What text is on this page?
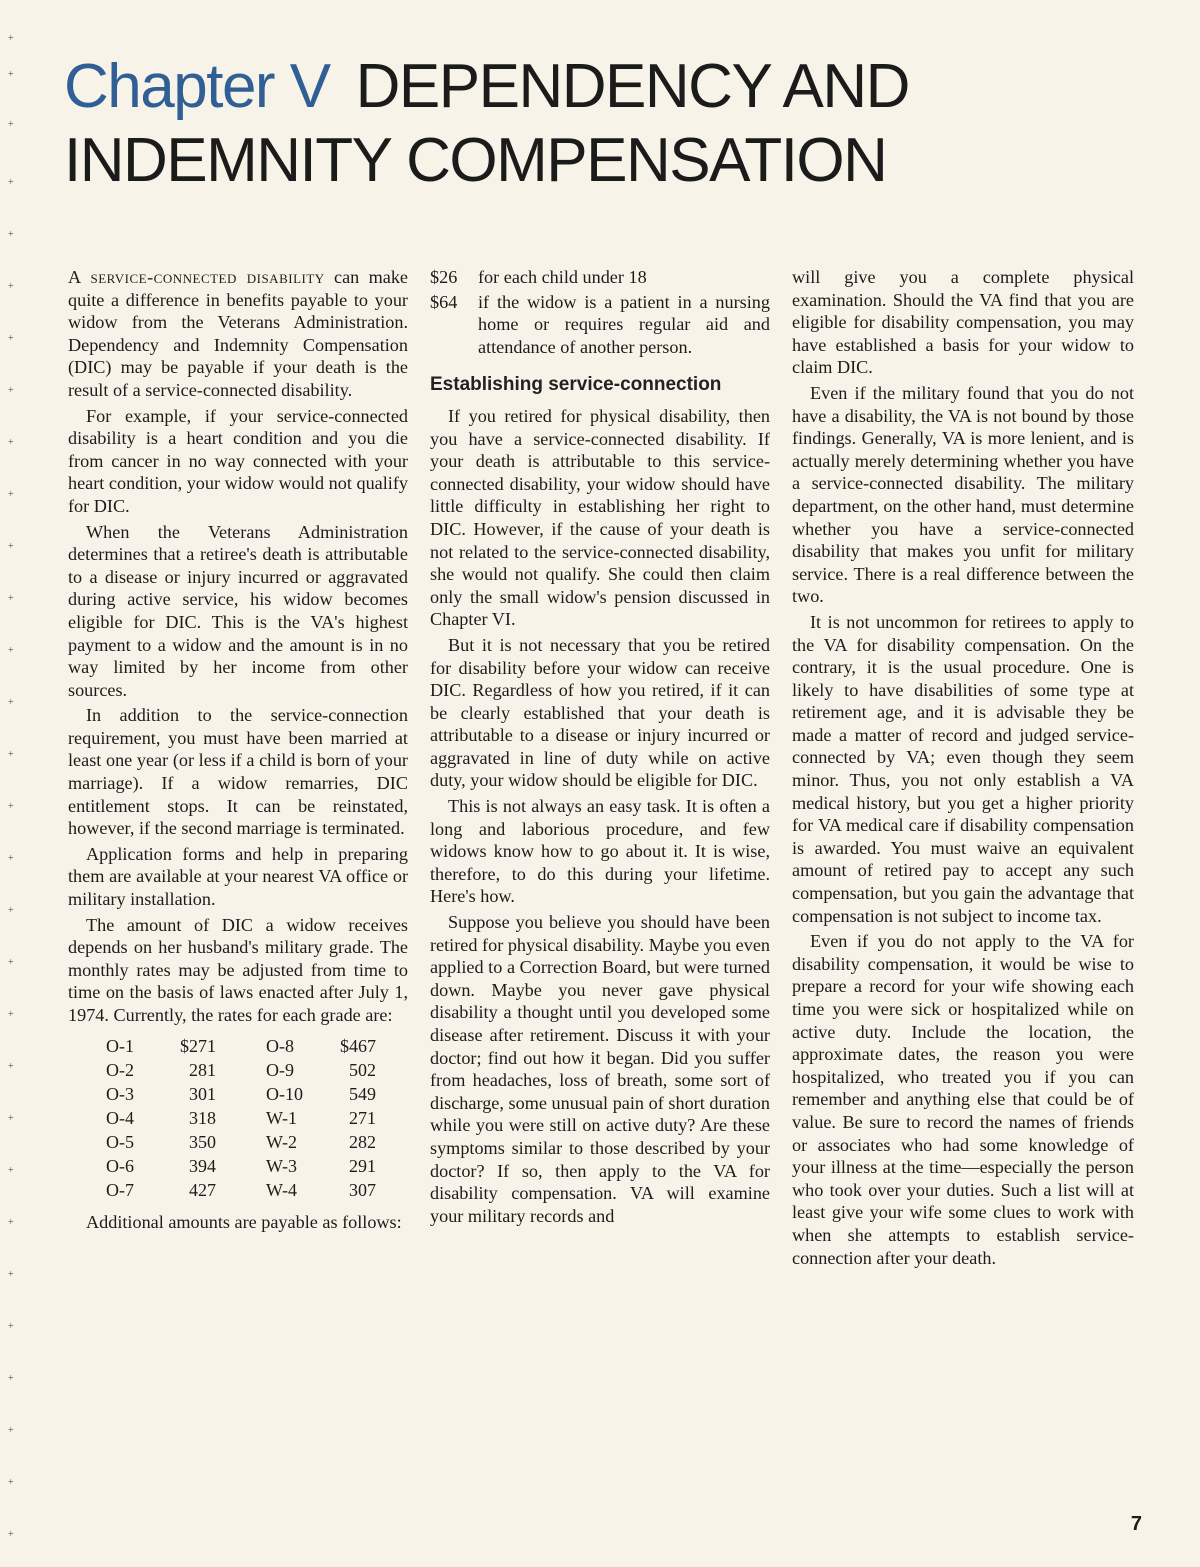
+
+
+
+
+
+
+
+
+
+
+
+
+
+
+
+
+
+
+
+
+
+
+
+
+
+
+
+
+
+
Chapter V DEPENDENCY AND
INDEMNITY COMPENSATION

A service-connected disability can make quite a difference in benefits payable to your widow from the Veterans Administration. Dependency and Indemnity Compensation (DIC) may be payable if your death is the result of a service-connected disability.

For example, if your service-connected disability is a heart condition and you die from cancer in no way connected with your heart condition, your widow would not qualify for DIC.

When the Veterans Administration determines that a retiree's death is attributable to a disease or injury incurred or aggravated during active service, his widow becomes eligible for DIC. This is the VA's highest payment to a widow and the amount is in no way limited by her income from other sources.

In addition to the service-connection requirement, you must have been married at least one year (or less if a child is born of your marriage). If a widow remarries, DIC entitlement stops. It can be reinstated, however, if the second marriage is terminated.

Application forms and help in preparing them are available at your nearest VA office or military installation.

The amount of DIC a widow receives depends on her husband's military grade. The monthly rates may be adjusted from time to time on the basis of laws enacted after July 1, 1974. Currently, the rates for each grade are:

O-1	$271	O-8	$467
O-2	281	O-9	502
O-3	301	O-10	549
O-4	318	W-1	271
O-5	350	W-2	282
O-6	394	W-3	291
O-7	427	W-4	307

Additional amounts are payable as follows:

$26	for each child under 18
$64	if the widow is a patient in a nursing home or requires regular aid and attendance of another person.
Establishing service-connection

If you retired for physical disability, then you have a service-connected disability. If your death is attributable to this service-connected disability, your widow should have little difficulty in establishing her right to DIC. However, if the cause of your death is not related to the service-connected disability, she would not qualify. She could then claim only the small widow's pension discussed in Chapter VI.

But it is not necessary that you be retired for disability before your widow can receive DIC. Regardless of how you retired, if it can be clearly established that your death is attributable to a disease or injury incurred or aggravated in line of duty while on active duty, your widow should be eligible for DIC.

This is not always an easy task. It is often a long and laborious procedure, and few widows know how to go about it. It is wise, therefore, to do this during your lifetime. Here's how.

Suppose you believe you should have been retired for physical disability. Maybe you even applied to a Correction Board, but were turned down. Maybe you never gave physical disability a thought until you developed some disease after retirement. Discuss it with your doctor; find out how it began. Did you suffer from headaches, loss of breath, some sort of discharge, some unusual pain of short duration while you were still on active duty? Are these symptoms similar to those described by your doctor? If so, then apply to the VA for disability compensation. VA will examine your military records and

will give you a complete physical examination. Should the VA find that you are eligible for disability compensation, you may have established a basis for your widow to claim DIC.

Even if the military found that you do not have a disability, the VA is not bound by those findings. Generally, VA is more lenient, and is actually merely determining whether you have a service-connected disability. The military department, on the other hand, must determine whether you have a service-connected disability that makes you unfit for military service. There is a real difference between the two.

It is not uncommon for retirees to apply to the VA for disability compensation. On the contrary, it is the usual procedure. One is likely to have disabilities of some type at retirement age, and it is advisable they be made a matter of record and judged service-connected by VA; even though they seem minor. Thus, you not only establish a VA medical history, but you get a higher priority for VA medical care if disability compensation is awarded. You must waive an equivalent amount of retired pay to accept any such compensation, but you gain the advantage that compensation is not subject to income tax.

Even if you do not apply to the VA for disability compensation, it would be wise to prepare a record for your wife showing each time you were sick or hospitalized while on active duty. Include the location, the approximate dates, the reason you were hospitalized, who treated you if you can remember and anything else that could be of value. Be sure to record the names of friends or associates who had some knowledge of your illness at the time—especially the person who took over your duties. Such a list will at least give your wife some clues to work with when she attempts to establish service-connection after your death.

7
